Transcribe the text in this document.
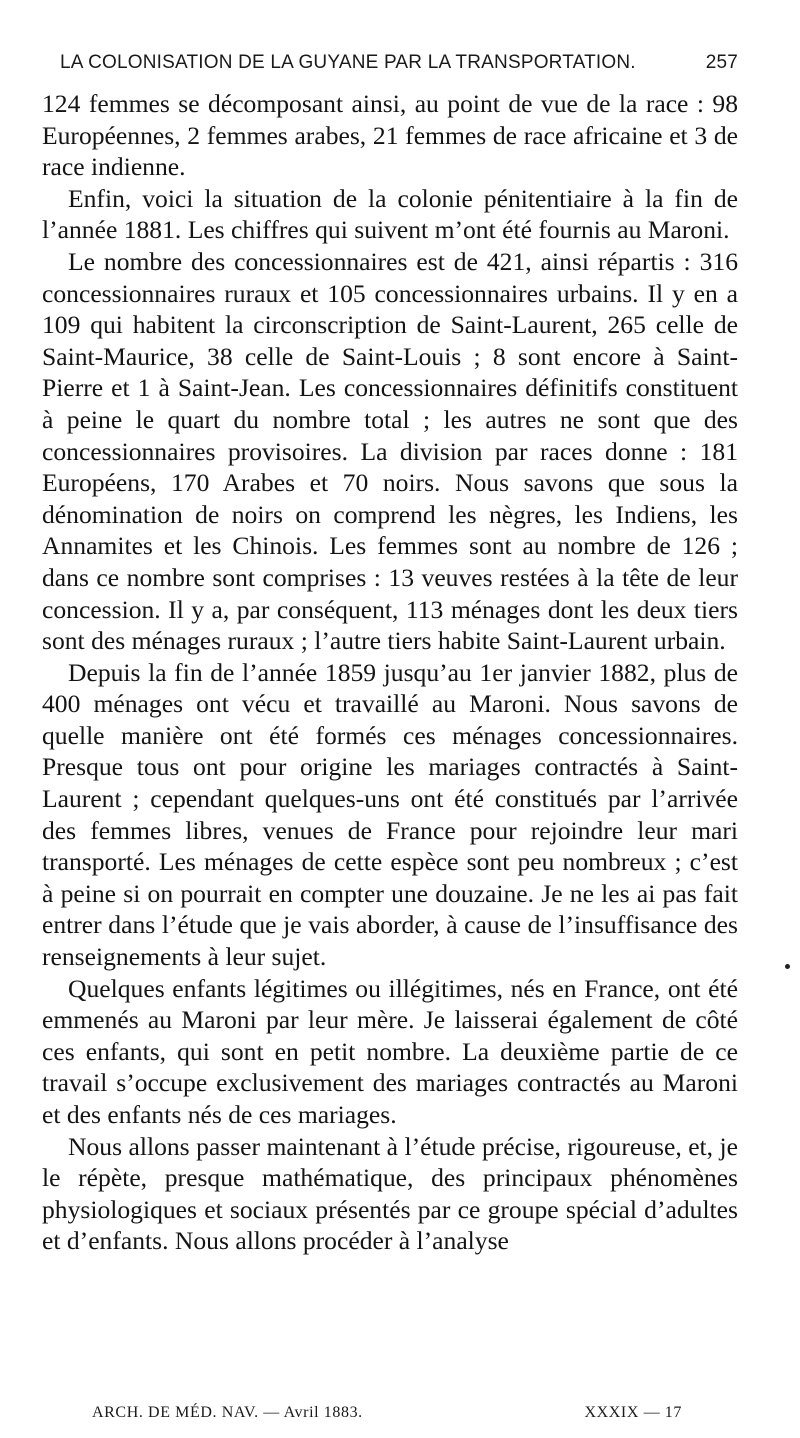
LA COLONISATION DE LA GUYANE PAR LA TRANSPORTATION.	257

124 femmes se décomposant ainsi, au point de vue de la race : 98 Européennes, 2 femmes arabes, 21 femmes de race africaine et 3 de race indienne.

Enfin, voici la situation de la colonie pénitentiaire à la fin de l’année 1881. Les chiffres qui suivent m’ont été fournis au Maroni.

Le nombre des concessionnaires est de 421, ainsi répartis : 316 concessionnaires ruraux et 105 concessionnaires urbains. Il y en a 109 qui habitent la circonscription de Saint-Laurent, 265 celle de Saint-Maurice, 38 celle de Saint-Louis ; 8 sont encore à Saint-Pierre et 1 à Saint-Jean. Les concessionnaires définitifs constituent à peine le quart du nombre total ; les autres ne sont que des concessionnaires provisoires. La division par races donne : 181 Européens, 170 Arabes et 70 noirs. Nous savons que sous la dénomination de noirs on comprend les nègres, les Indiens, les Annamites et les Chinois. Les femmes sont au nombre de 126 ; dans ce nombre sont comprises : 13 veuves restées à la tête de leur concession. Il y a, par conséquent, 113 ménages dont les deux tiers sont des ménages ruraux ; l’autre tiers habite Saint-Laurent urbain.

Depuis la fin de l’année 1859 jusqu’au 1er janvier 1882, plus de 400 ménages ont vécu et travaillé au Maroni. Nous savons de quelle manière ont été formés ces ménages concessionnaires. Presque tous ont pour origine les mariages contractés à Saint-Laurent ; cependant quelques-uns ont été constitués par l’arrivée des femmes libres, venues de France pour rejoindre leur mari transporté. Les ménages de cette espèce sont peu nombreux ; c’est à peine si on pourrait en compter une douzaine. Je ne les ai pas fait entrer dans l’étude que je vais aborder, à cause de l’insuffisance des renseignements à leur sujet.

Quelques enfants légitimes ou illégitimes, nés en France, ont été emmenés au Maroni par leur mère. Je laisserai également de côté ces enfants, qui sont en petit nombre. La deuxième partie de ce travail s’occupe exclusivement des mariages contractés au Maroni et des enfants nés de ces mariages.

Nous allons passer maintenant à l’étude précise, rigoureuse, et, je le répète, presque mathématique, des principaux phénomènes physiologiques et sociaux présentés par ce groupe spécial d’adultes et d’enfants. Nous allons procéder à l’analyse

ARCH. DE MÉD. NAV. — Avril 1883.	XXXIX — 17
